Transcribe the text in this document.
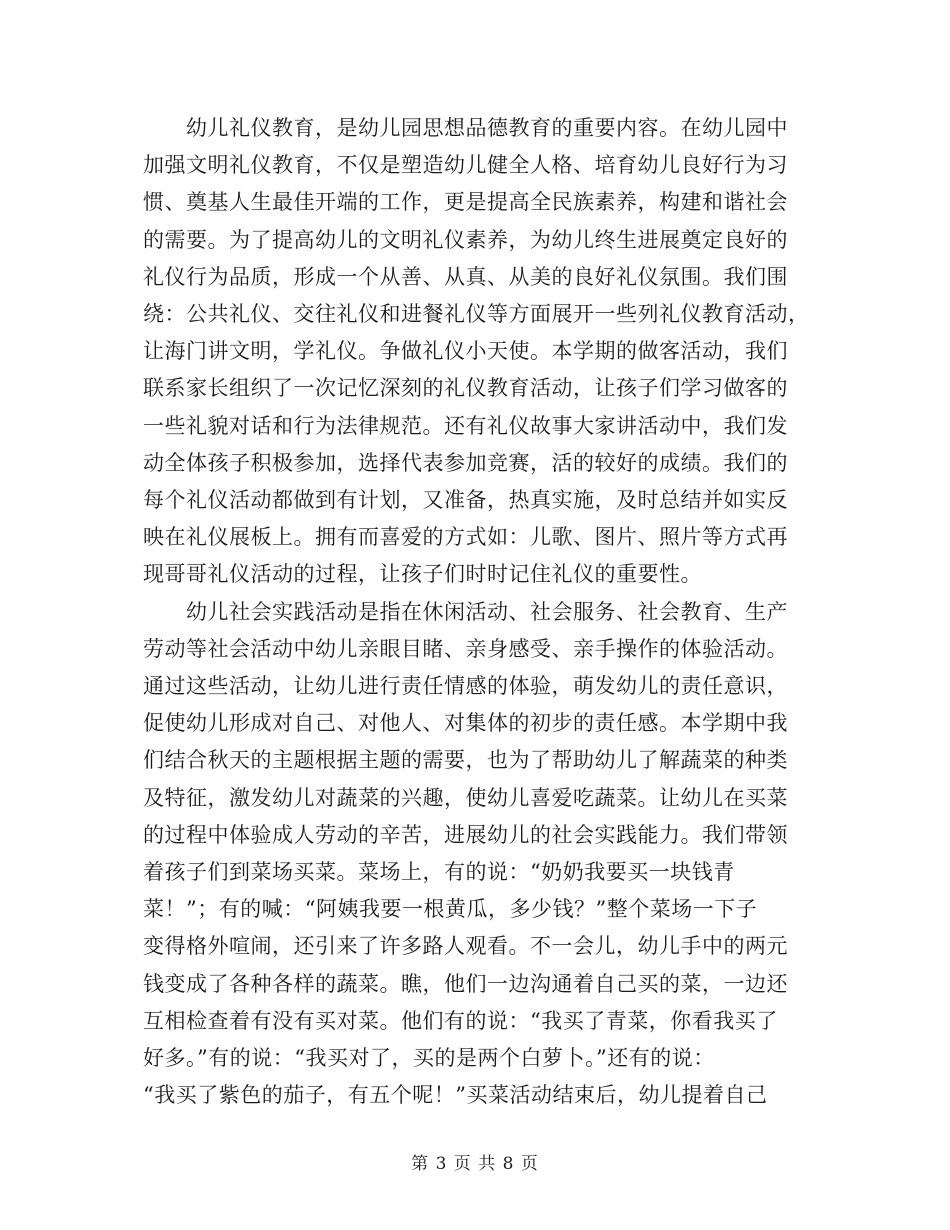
　　幼儿礼仪教育，是幼儿园思想品德教育的重要内容。在幼儿园中
加强文明礼仪教育，不仅是塑造幼儿健全人格、培育幼儿良好行为习
惯、奠基人生最佳开端的工作，更是提高全民族素养，构建和谐社会
的需要。为了提高幼儿的文明礼仪素养，为幼儿终生进展奠定良好的
礼仪行为品质，形成一个从善、从真、从美的良好礼仪氛围。我们围
绕：公共礼仪、交往礼仪和进餐礼仪等方面展开一些列礼仪教育活动，
让海门讲文明，学礼仪。争做礼仪小天使。本学期的做客活动，我们
联系家长组织了一次记忆深刻的礼仪教育活动，让孩子们学习做客的
一些礼貌对话和行为法律规范。还有礼仪故事大家讲活动中，我们发
动全体孩子积极参加，选择代表参加竞赛，活的较好的成绩。我们的
每个礼仪活动都做到有计划，又准备，热真实施，及时总结并如实反
映在礼仪展板上。拥有而喜爱的方式如：儿歌、图片、照片等方式再
现哥哥礼仪活动的过程，让孩子们时时记住礼仪的重要性。
　　幼儿社会实践活动是指在休闲活动、社会服务、社会教育、生产
劳动等社会活动中幼儿亲眼目睹、亲身感受、亲手操作的体验活动。
通过这些活动，让幼儿进行责任情感的体验，萌发幼儿的责任意识，
促使幼儿形成对自己、对他人、对集体的初步的责任感。本学期中我
们结合秋天的主题根据主题的需要，也为了帮助幼儿了解蔬菜的种类
及特征，激发幼儿对蔬菜的兴趣，使幼儿喜爱吃蔬菜。让幼儿在买菜
的过程中体验成人劳动的辛苦，进展幼儿的社会实践能力。我们带领
着孩子们到菜场买菜。菜场上，有的说：“奶奶我要买一块钱青
菜！”；有的喊：“阿姨我要一根黄瓜，多少钱？”整个菜场一下子
变得格外喧闹，还引来了许多路人观看。不一会儿，幼儿手中的两元
钱变成了各种各样的蔬菜。瞧，他们一边沟通着自己买的菜，一边还
互相检查着有没有买对菜。他们有的说：“我买了青菜，你看我买了
好多。”有的说：“我买对了，买的是两个白萝卜。”还有的说：
“我买了紫色的茄子，有五个呢！”买菜活动结束后，幼儿提着自己
第 3 页 共 8 页
